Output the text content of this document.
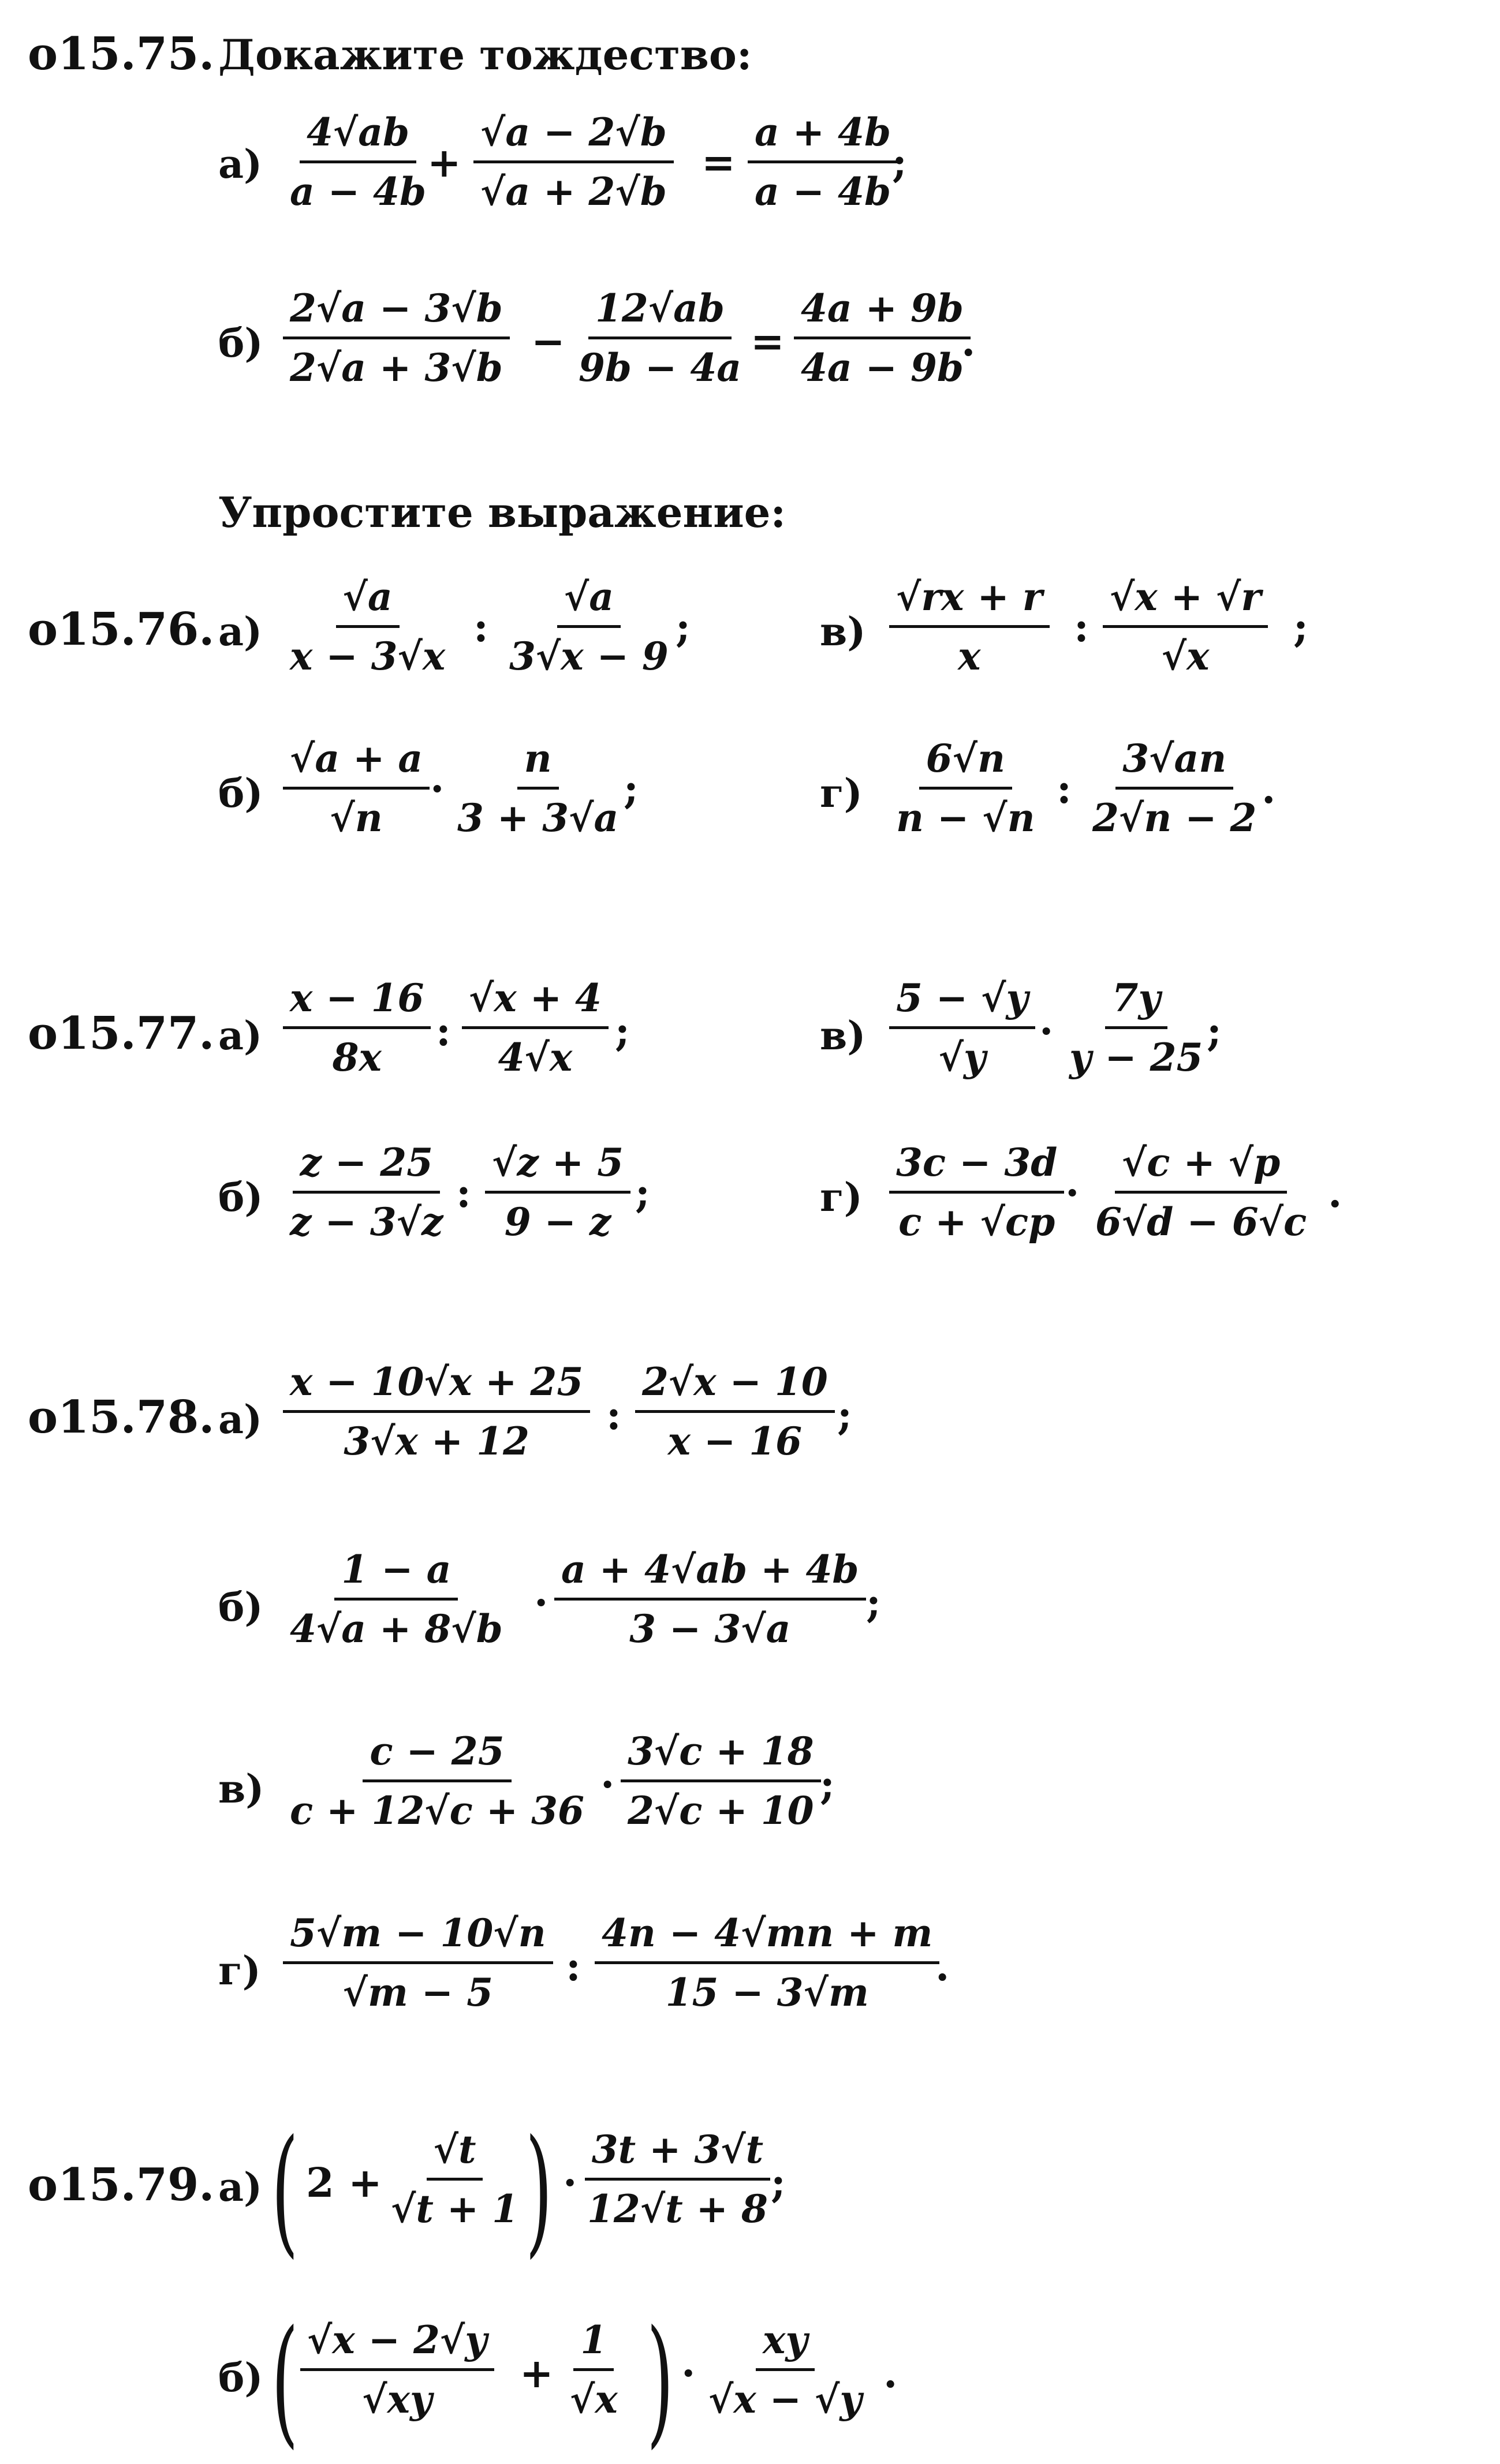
o15.75. Докажите тождество:
а)
4√ab
a − 4b
+
√a − 2√b
√a + 2√b
=
a + 4b
a − 4b
;
б)
2√a − 3√b
2√a + 3√b
−
12√ab
9b − 4a
=
4a + 9b
4a − 9b
.
Упростите выражение:
o15.76. а)
√a
x − 3√x
:
√a
3√x − 9
;	в)
√rx + r
x
:
√x + √r
√x
;
б)
√a + a
√n
·
n
3 + 3√a
;	г)
6√n
n − √n
:
3√an
2√n − 2
.
o15.77. а)
x − 16
8x
:
√x + 4
4√x
;	в)
5 − √y
√y
·
7y
y − 25
;
б)
z − 25
z − 3√z
:
√z + 5
9 − z
;	г)
3c − 3d
c + √cp
·
√c + √p
6√d − 6√c
.
o15.78. а)
x − 10√x + 25
3√x + 12
:
2√x − 10
x − 16
;
б)
1 − a
4√a + 8√b
·
a + 4√ab + 4b
3 − 3√a
;
в)
c − 25
c + 12√c + 36
·
3√c + 18
2√c + 10
;
г)
5√m − 10√n
√m − 5
:
4n − 4√mn + m
15 − 3√m
.
o15.79. а) ( 2 +
√t
√t + 1 ) ·
3t + 3√t
12√t + 8
;
б) ( √x − 2√y
√xy
+
1
√x ) ·
xy
√x − √y
.
